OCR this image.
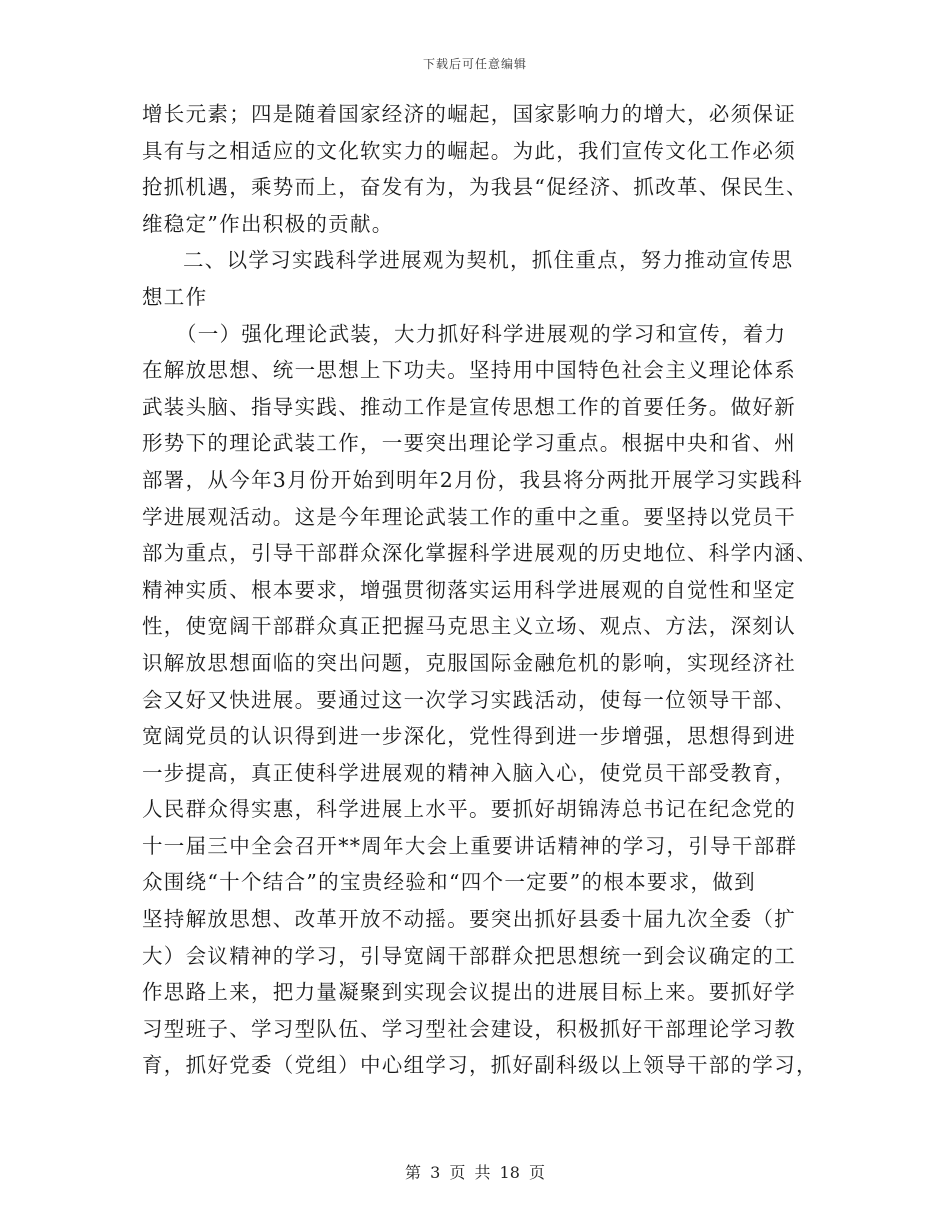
下载后可任意编辑
增长元素；四是随着国家经济的崛起，国家影响力的增大，必须保证
具有与之相适应的文化软实力的崛起。为此，我们宣传文化工作必须
抢抓机遇，乘势而上，奋发有为，为我县“促经济、抓改革、保民生、
维稳定”作出积极的贡献。
二、以学习实践科学进展观为契机，抓住重点，努力推动宣传思
想工作
（一）强化理论武装，大力抓好科学进展观的学习和宣传，着力
在解放思想、统一思想上下功夫。坚持用中国特色社会主义理论体系
武装头脑、指导实践、推动工作是宣传思想工作的首要任务。做好新
形势下的理论武装工作，一要突出理论学习重点。根据中央和省、州
部署，从今年3月份开始到明年2月份，我县将分两批开展学习实践科
学进展观活动。这是今年理论武装工作的重中之重。要坚持以党员干
部为重点，引导干部群众深化掌握科学进展观的历史地位、科学内涵、
精神实质、根本要求，增强贯彻落实运用科学进展观的自觉性和坚定
性，使宽阔干部群众真正把握马克思主义立场、观点、方法，深刻认
识解放思想面临的突出问题，克服国际金融危机的影响，实现经济社
会又好又快进展。要通过这一次学习实践活动，使每一位领导干部、
宽阔党员的认识得到进一步深化，党性得到进一步增强，思想得到进
一步提高，真正使科学进展观的精神入脑入心，使党员干部受教育，
人民群众得实惠，科学进展上水平。要抓好胡锦涛总书记在纪念党的
十一届三中全会召开**周年大会上重要讲话精神的学习，引导干部群
众围绕“十个结合”的宝贵经验和“四个一定要”的根本要求，做到
坚持解放思想、改革开放不动摇。要突出抓好县委十届九次全委（扩
大）会议精神的学习，引导宽阔干部群众把思想统一到会议确定的工
作思路上来，把力量凝聚到实现会议提出的进展目标上来。要抓好学
习型班子、学习型队伍、学习型社会建设，积极抓好干部理论学习教
育，抓好党委（党组）中心组学习，抓好副科级以上领导干部的学习，
第 3 页 共 18 页
